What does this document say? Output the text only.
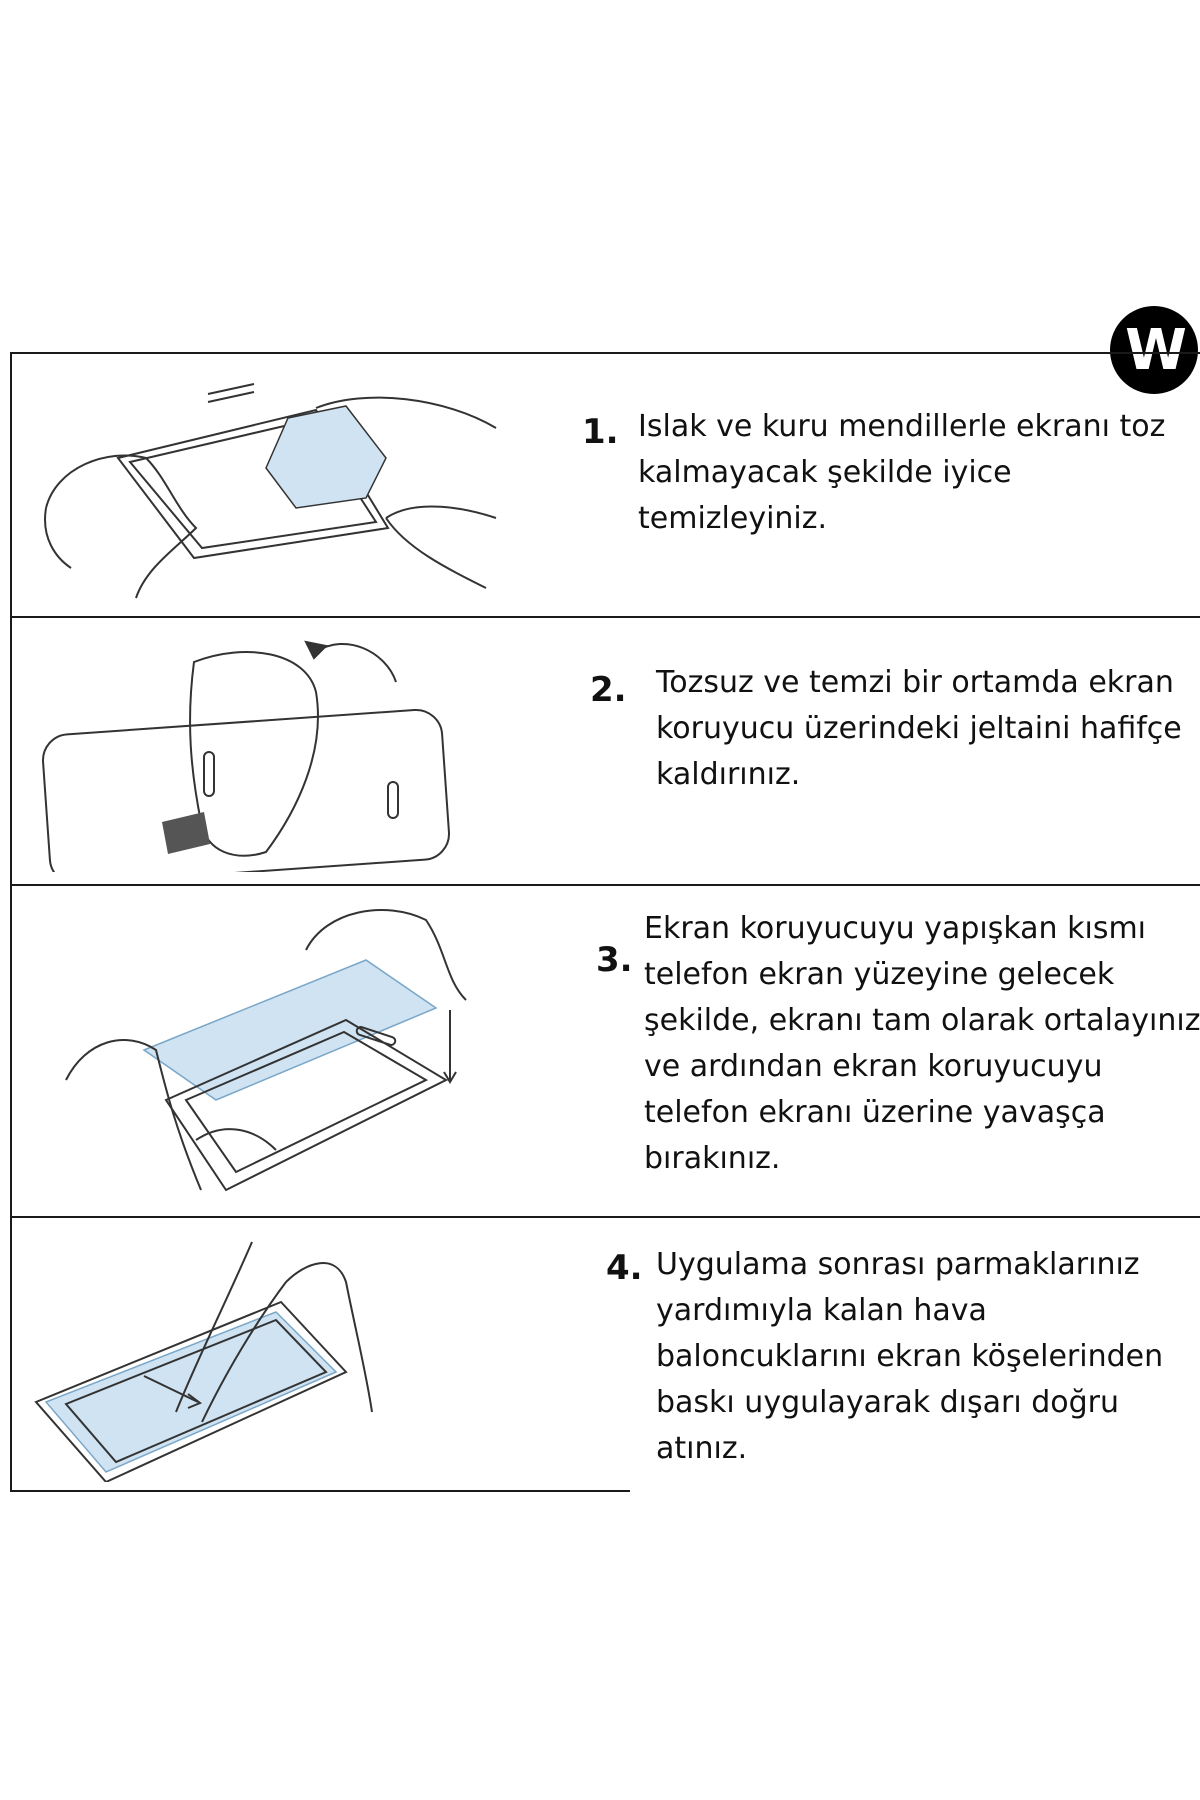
W
1. Islak ve kuru mendillerle ekranı toz kalmayacak şekilde iyice temizleyiniz.
2. Tozsuz ve temzi bir ortamda ekran koruyucu üzerindeki jeltaini hafifçe kaldırınız.
3.
Ekran koruyucuyu yapışkan kısmı telefon ekran yüzeyine gelecek şekilde, ekranı tam olarak ortalayınız ve ardından ekran koruyucuyu telefon ekranı üzerine yavaşça bırakınız.
4. Uygulama sonrası parmaklarınız yardımıyla kalan hava baloncuklarını ekran köşelerinden baskı uygulayarak dışarı doğru atınız.
